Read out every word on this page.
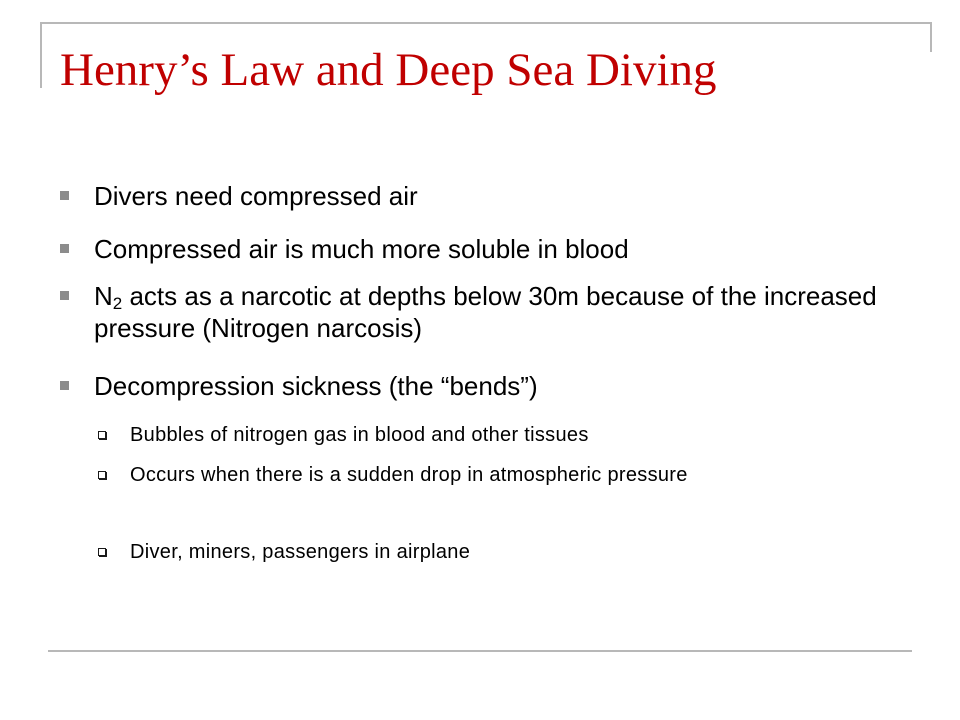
Henry’s Law and Deep Sea Diving
Divers need compressed air
Compressed air is much more soluble in blood
$N_2$ acts as a narcotic at depths below 30m because of the increased pressure (Nitrogen narcosis)
Decompression sickness (the “bends”)
Bubbles of nitrogen gas in blood and other tissues
Occurs when there is a sudden drop in atmospheric pressure
Diver, miners, passengers in airplane
